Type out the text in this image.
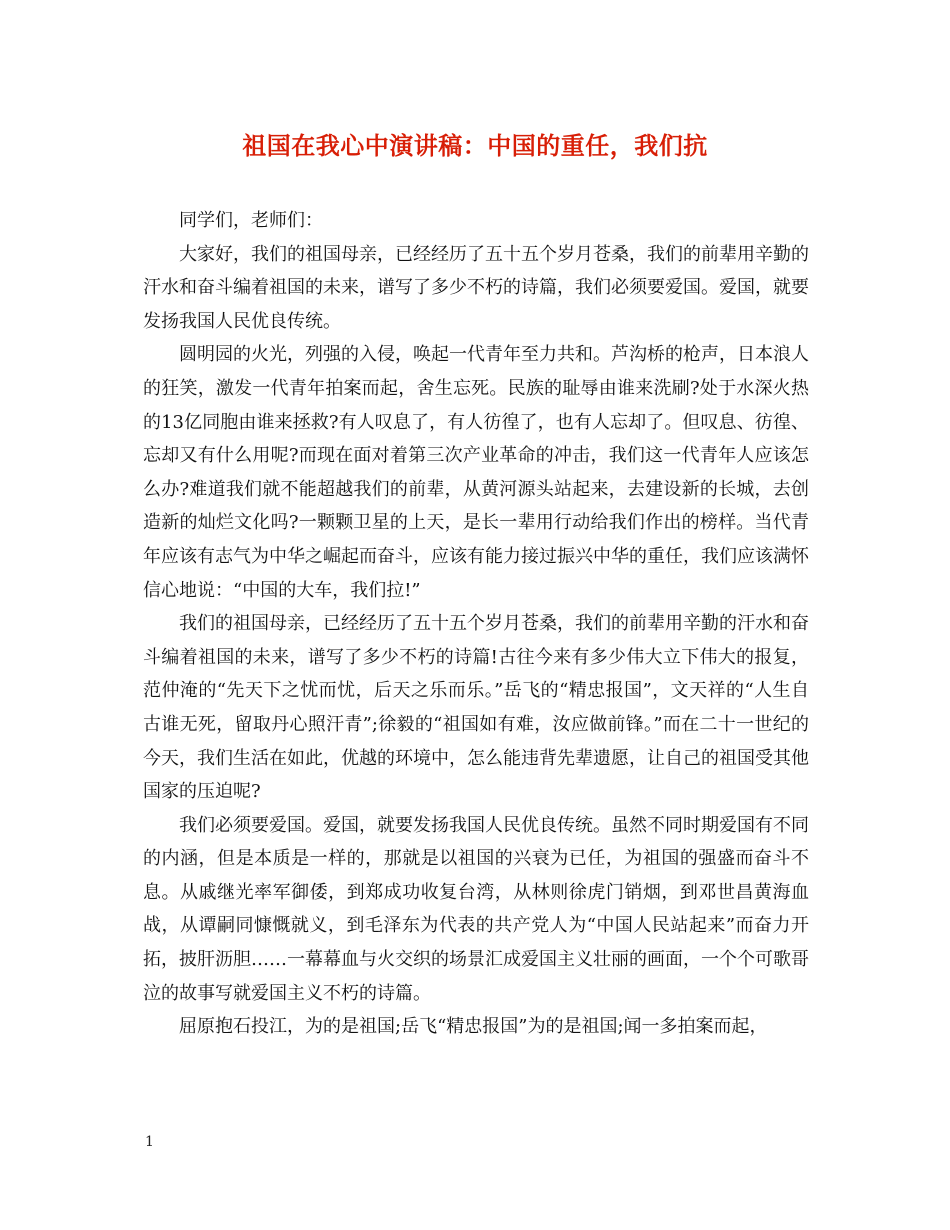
祖国在我心中演讲稿：中国的重任，我们抗

同学们，老师们：

大家好，我们的祖国母亲，已经经历了五十五个岁月苍桑，我们的前辈用辛勤的汗水和奋斗编着祖国的未来，谱写了多少不朽的诗篇，我们必须要爱国。爱国，就要发扬我国人民优良传统。

圆明园的火光，列强的入侵，唤起一代青年至力共和。芦沟桥的枪声，日本浪人的狂笑，激发一代青年拍案而起，舍生忘死。民族的耻辱由谁来洗刷?处于水深火热的13亿同胞由谁来拯救?有人叹息了，有人彷徨了，也有人忘却了。但叹息、彷徨、忘却又有什么用呢?而现在面对着第三次产业革命的冲击，我们这一代青年人应该怎么办?难道我们就不能超越我们的前辈，从黄河源头站起来，去建设新的长城，去创造新的灿烂文化吗?一颗颗卫星的上天，是长一辈用行动给我们作出的榜样。当代青年应该有志气为中华之崛起而奋斗，应该有能力接过振兴中华的重任，我们应该满怀信心地说：“中国的大车，我们拉!”

我们的祖国母亲，已经经历了五十五个岁月苍桑，我们的前辈用辛勤的汗水和奋斗编着祖国的未来，谱写了多少不朽的诗篇!古往今来有多少伟大立下伟大的报复，范仲淹的“先天下之忧而忧，后天之乐而乐。”岳飞的“精忠报国”，文天祥的“人生自古谁无死，留取丹心照汗青”;徐毅的“祖国如有难，汝应做前锋。”而在二十一世纪的今天，我们生活在如此，优越的环境中，怎么能违背先辈遗愿，让自己的祖国受其他国家的压迫呢?

我们必须要爱国。爱国，就要发扬我国人民优良传统。虽然不同时期爱国有不同的内涵，但是本质是一样的，那就是以祖国的兴衰为已任，为祖国的强盛而奋斗不息。从戚继光率军御倭，到郑成功收复台湾，从林则徐虎门销烟，到邓世昌黄海血战，从谭嗣同慷慨就义，到毛泽东为代表的共产党人为“中国人民站起来”而奋力开拓，披肝沥胆……一幕幕血与火交织的场景汇成爱国主义壮丽的画面，一个个可歌哥泣的故事写就爱国主义不朽的诗篇。

屈原抱石投江，为的是祖国;岳飞“精忠报国”为的是祖国;闻一多拍案而起，

1
